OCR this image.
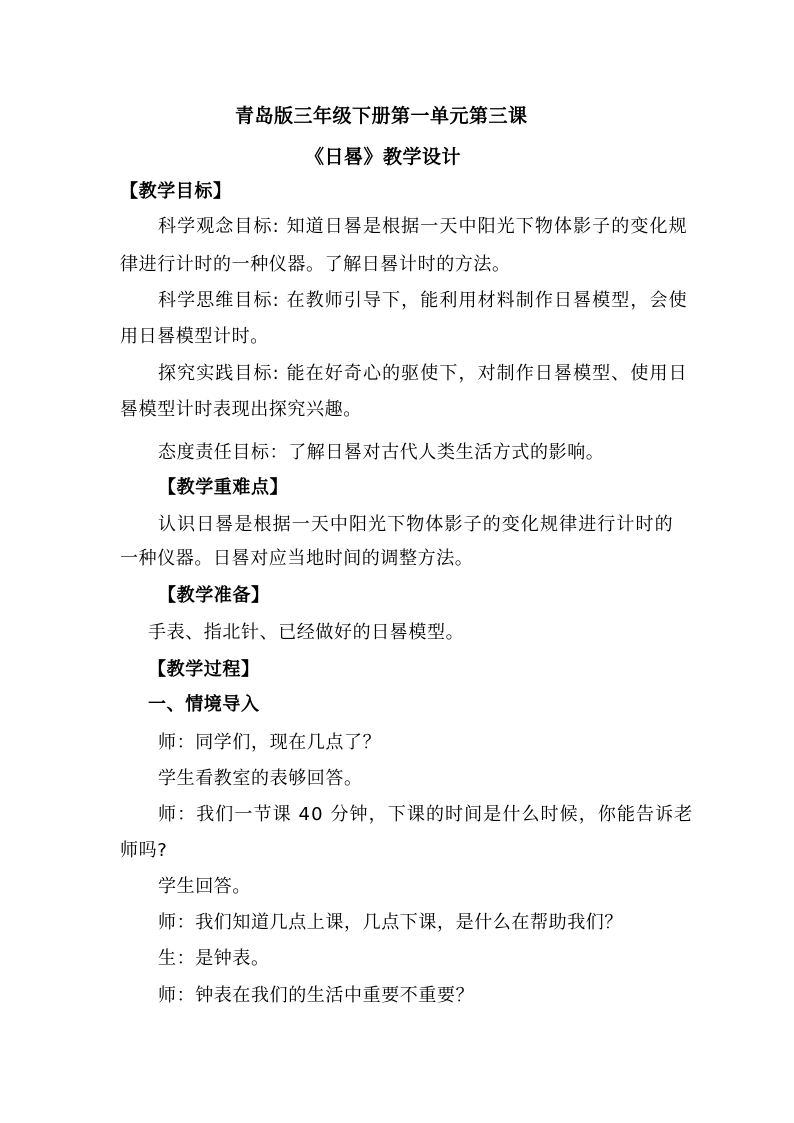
青岛版三年级下册第一单元第三课
《日晷》教学设计
【教学目标】
科学观念目标: 知道日晷是根据一天中阳光下物体影子的变化规
律进行计时的一种仪器。了解日晷计时的方法。
科学思维目标: 在教师引导下，能利用材料制作日晷模型，会使
用日晷模型计时。
探究实践目标: 能在好奇心的驱使下，对制作日晷模型、使用日
晷模型计时表现出探究兴趣。
态度责任目标：了解日晷对古代人类生活方式的影响。
【教学重难点】
认识日晷是根据一天中阳光下物体影子的变化规律进行计时的
一种仪器。日晷对应当地时间的调整方法。
【教学准备】
手表、指北针、已经做好的日晷模型。
【教学过程】
一、情境导入
师：同学们，现在几点了？
学生看教室的表够回答。
师：我们一节课 40 分钟，下课的时间是什么时候，你能告诉老
师吗?
学生回答。
师：我们知道几点上课，几点下课，是什么在帮助我们？
生：是钟表。
师：钟表在我们的生活中重要不重要？
